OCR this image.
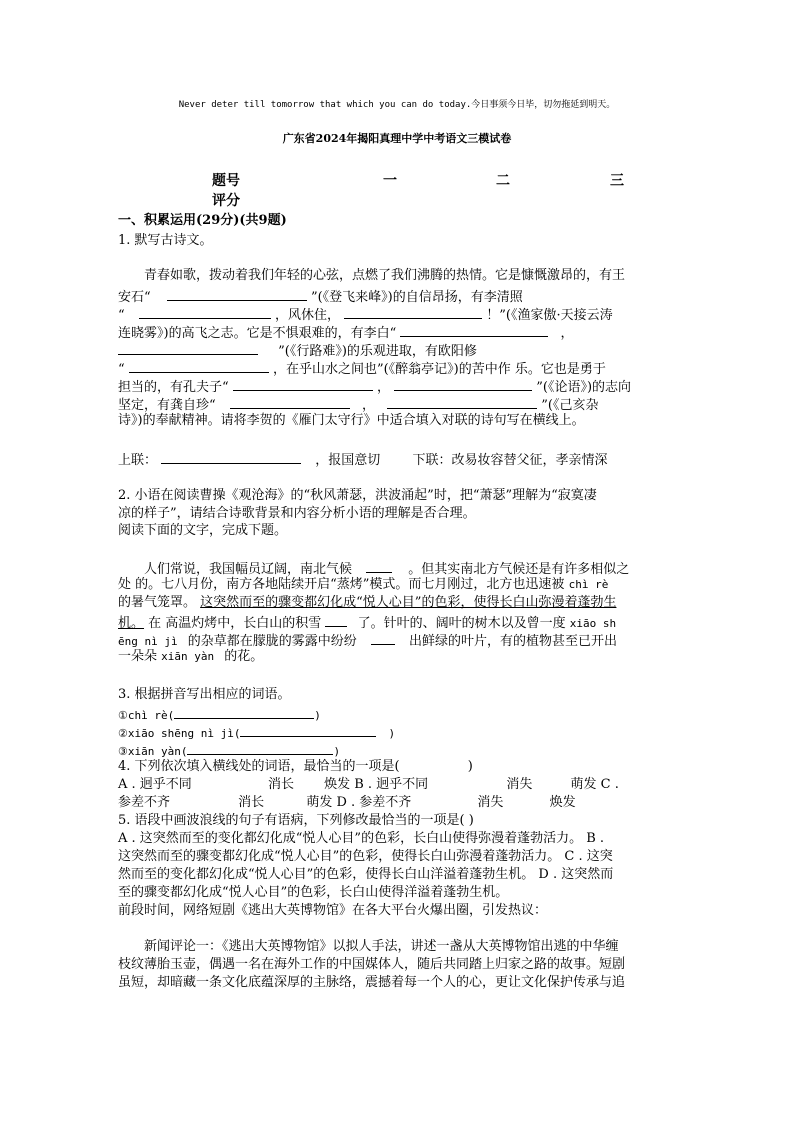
Never deter till tomorrow that which you can do today.今日事须今日毕，切勿拖延到明天。
广东省2024年揭阳真理中学中考语文三模试卷
题号	一	二	三
评分
一、积累运用(29分)(共9题)
1. 默写古诗文。
青春如歌，拨动着我们年轻的心弦，点燃了我们沸腾的热情。它是慷慨激昂的，有王
安石“	”(《登飞来峰》)的自信昂扬，有李清照
“	，风休住，	！”(《渔家傲·天接云涛
连晓雾》)的高飞之志。它是不惧艰难的，有李白“	，
”(《行路难》)的乐观进取，有欧阳修
“	，在乎山水之间也”(《醉翁亭记》)的苦中作 乐。它也是勇于
担当的，有孔夫子“	，	”(《论语》)的志向
坚定，有龚自珍“	，	”(《己亥杂
诗》)的奉献精神。请将李贺的《雁门太守行》中适合填入对联的诗句写在横线上。
上联：	，报国意切 下联：改易妆容替父征，孝亲情深
2. 小语在阅读曹操《观沧海》的“秋风萧瑟，洪波涌起”时，把“萧瑟”理解为“寂寞凄
凉的样子”，请结合诗歌背景和内容分析小语的理解是否合理。
阅读下面的文字，完成下题。
人们常说，我国幅员辽阔，南北气候	。但其实南北方气候还是有许多相似之
处 的。七八月份，南方各地陆续开启“蒸烤”模式。而七月刚过，北方也迅速被 chì rè
的暑气笼罩。 这突然而至的骤变都幻化成“悦人心目”的色彩，使得长白山弥漫着蓬勃生
机。 在 高温灼烤中，长白山的积雪	了。针叶的、阔叶的树木以及曾一度 xiāo sh
ēng nì jì 的杂草都在朦胧的雾露中纷纷	出鲜绿的叶片，有的植物甚至已开出
一朵朵 xiān yàn 的花。
3. 根据拼音写出相应的词语。
①chì rè(	)
②xiāo shēng nì jì(	)
③xiān yàn(	)
4. 下列依次填入横线处的词语，最恰当的一项是(	)
A . 迥乎不同	消长 焕发 B . 迥乎不同	消失	萌发 C .
参差不齐	消长	萌发 D . 参差不齐	消失	焕发
5. 语段中画波浪线的句子有语病，下列修改最恰当的一项是( )
A . 这突然而至的变化都幻化成“悦人心目”的色彩，长白山使得弥漫着蓬勃活力。 B .
这突然而至的骤变都幻化成“悦人心目”的色彩，使得长白山弥漫着蓬勃活力。 C . 这突
然而至的变化都幻化成“悦人心目”的色彩，使得长白山洋溢着蓬勃生机。 D . 这突然而
至的骤变都幻化成“悦人心目”的色彩，长白山使得洋溢着蓬勃生机。
前段时间，网络短剧《逃出大英博物馆》在各大平台火爆出圈，引发热议：
新闻评论一：《逃出大英博物馆》以拟人手法，讲述一盏从大英博物馆出逃的中华缠
枝纹薄胎玉壶，偶遇一名在海外工作的中国媒体人，随后共同踏上归家之路的故事。短剧
虽短，却暗藏一条文化底蕴深厚的主脉络，震撼着每一个人的心，更让文化保护传承与追
